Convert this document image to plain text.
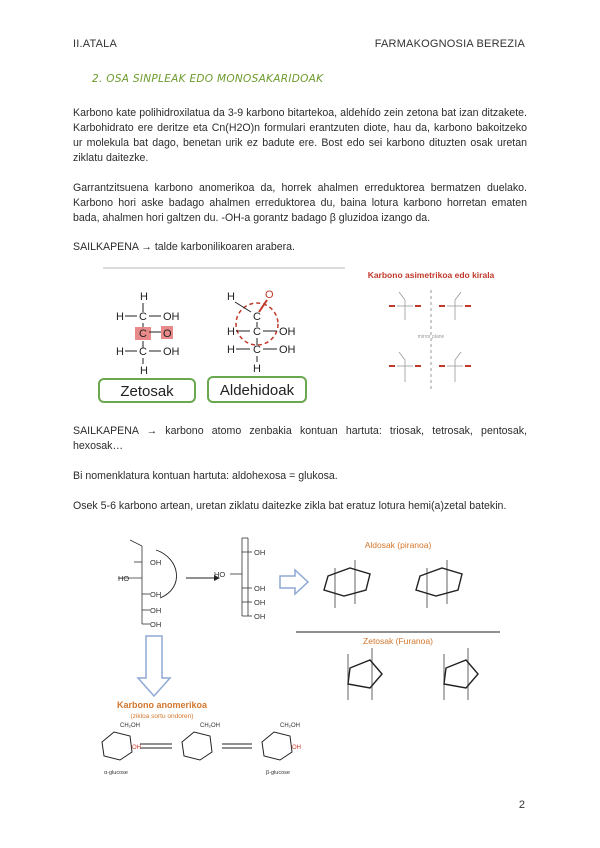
II.ATALA	FARMAKOGNOSIA BEREZIA
2. OSA SINPLEAK EDO MONOSAKARIDOAK
Karbono kate polihidroxilatua da 3-9 karbono bitartekoa, aldehído zein zetona bat izan ditzakete. Karbohidrato ere deritze eta Cn(H2O)n formulari erantzuten diote, hau da, karbono bakoitzeko ur molekula bat dago, benetan urik ez badute ere. Bost edo sei karbono dituzten osak uretan ziklatu daitezke.
Garrantzitsuena karbono anomerikoa da, horrek ahalmen erreduktorea bermatzen duelako. Karbono hori aske badago ahalmen erreduktorea du, baina lotura karbono horretan ematen bada, ahalmen hori galtzen du. -OH-a gorantz badago β gluzidoa izango da.
SAILKAPENA → talde karbonilikoaren arabera.
H
H C OH
C O
H C OH
H
Zetosak
H	O
C
H C OH
H C OH
H
Aldehidoak
Karbono asimetrikoa edo kirala
mirror plane
SAILKAPENA → karbono atomo zenbakia kontuan hartuta: triosak, tetrosak, pentosak, hexosak…
Bi nomenklatura kontuan hartuta: aldohexosa = glukosa.
Osek 5-6 karbono artean, uretan ziklatu daitezke zikla bat eratuz lotura hemi(a)zetal batekin.
OH
HO
OH
OH
OH
OH
HO
OH
OH
OH
Aldosak (piranoa)
Zetosak (Furanoa)
Karbono anomerikoa
(zikloa sortu ondoren)
CH₂OH	CH₂OH	CH₂OH
OH	OH
α-glucose	β-glucose
2
